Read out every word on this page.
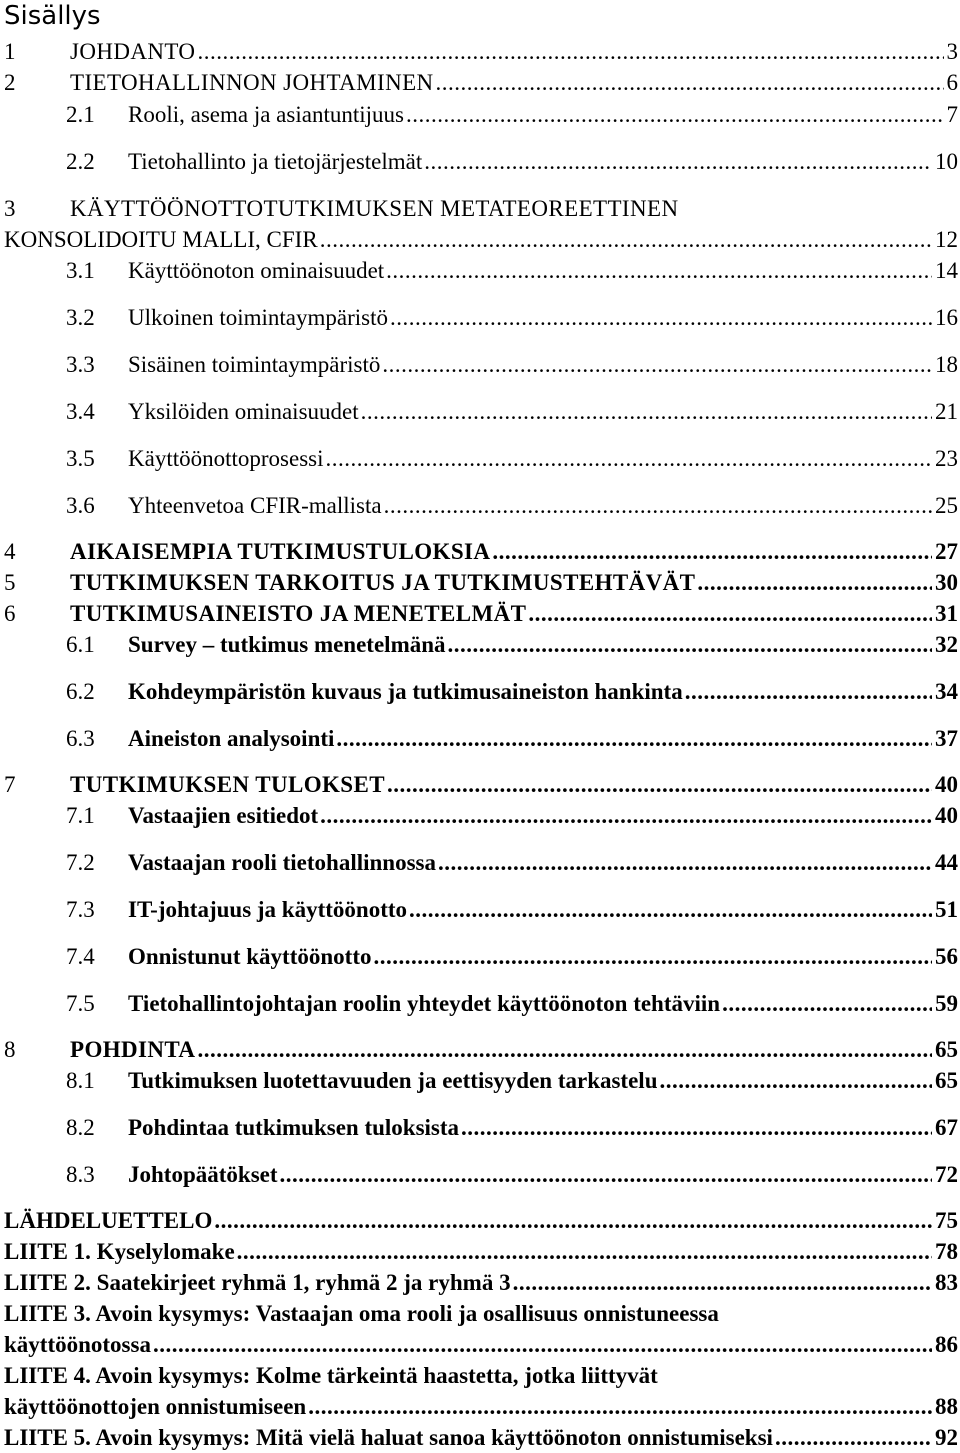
Sisällys
1	JOHDANTO .....	3
2	TIETOHALLINNON JOHTAMINEN .....	6
2.1	Rooli, asema ja asiantuntijuus .....	7
2.2	Tietohallinto ja tietojärjestelmät .....	10
3	KÄYTTÖÖNOTTOTUTKIMUKSEN METATEOREETTINEN
KONSOLIDOITU MALLI, CFIR .....	12
3.1	Käyttöönoton ominaisuudet .....	14
3.2	Ulkoinen toimintaympäristö .....	16
3.3	Sisäinen toimintaympäristö .....	18
3.4	Yksilöiden ominaisuudet .....	21
3.5	Käyttöönottoprosessi .....	23
3.6	Yhteenvetoa CFIR-mallista .....	25
4	AIKAISEMPIA TUTKIMUSTULOKSIA .....	27
5	TUTKIMUKSEN TARKOITUS JA TUTKIMUSTEHTÄVÄT .....	30
6	TUTKIMUSAINEISTO JA MENETELMÄT .....	31
6.1	Survey – tutkimus menetelmänä .....	32
6.2	Kohdeympäristön kuvaus ja tutkimusaineiston hankinta .....	34
6.3	Aineiston analysointi .....	37
7	TUTKIMUKSEN TULOKSET .....	40
7.1	Vastaajien esitiedot .....	40
7.2	Vastaajan rooli tietohallinnossa .....	44
7.3	IT-johtajuus ja käyttöönotto .....	51
7.4	Onnistunut käyttöönotto .....	56
7.5	Tietohallintojohtajan roolin yhteydet käyttöönoton tehtäviin .....	59
8	POHDINTA .....	65
8.1	Tutkimuksen luotettavuuden ja eettisyyden tarkastelu .....	65
8.2	Pohdintaa tutkimuksen tuloksista .....	67
8.3	Johtopäätökset .....	72
LÄHDELUETTELO .....	75
LIITE 1. Kyselylomake .....	78
LIITE 2. Saatekirjeet ryhmä 1, ryhmä 2 ja ryhmä 3 .....	83
LIITE 3. Avoin kysymys: Vastaajan oma rooli ja osallisuus onnistuneessa
käyttöönotossa .....	86
LIITE 4. Avoin kysymys: Kolme tärkeintä haastetta, jotka liittyvät
käyttöönottojen onnistumiseen .....	88
LIITE 5. Avoin kysymys: Mitä vielä haluat sanoa käyttöönoton onnistumiseksi .....	92
